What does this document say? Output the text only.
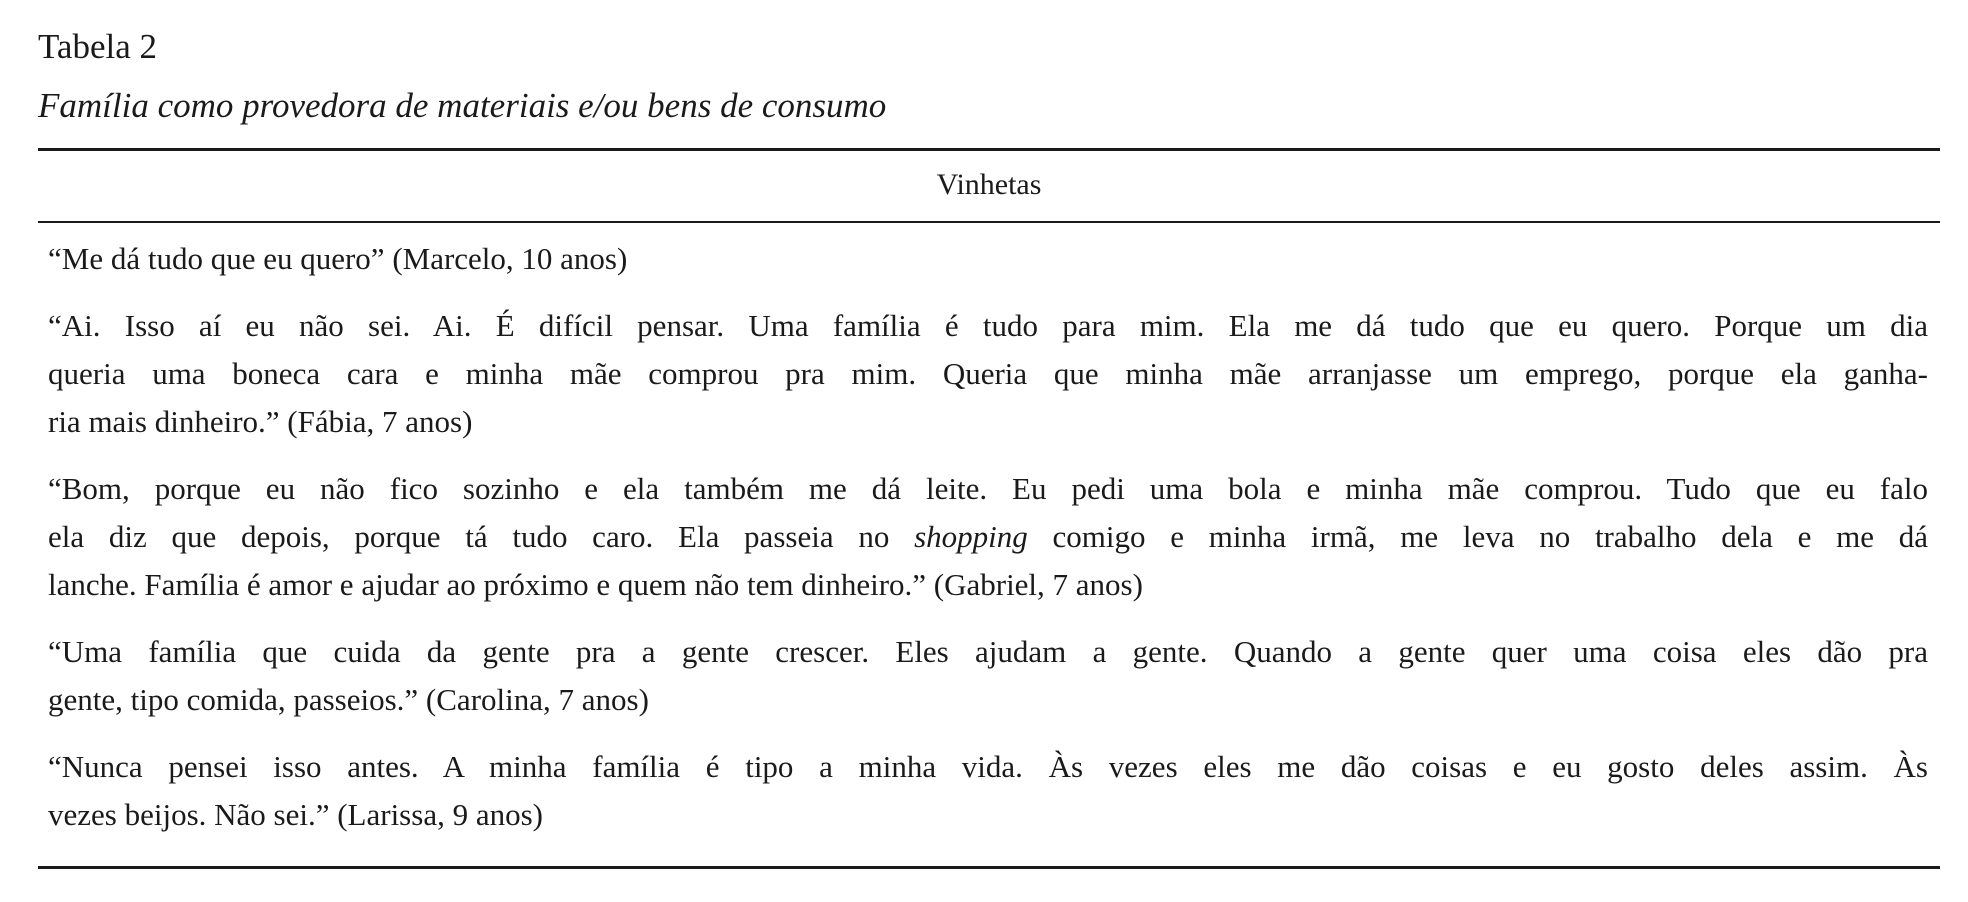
Tabela 2
Família como provedora de materiais e/ou bens de consumo
Vinhetas
“Me dá tudo que eu quero” (Marcelo, 10 anos)
“Ai. Isso aí eu não sei. Ai. É difícil pensar. Uma família é tudo para mim. Ela me dá tudo que eu quero. Porque um dia
queria uma boneca cara e minha mãe comprou pra mim. Queria que minha mãe arranjasse um emprego, porque ela ganha-
ria mais dinheiro.” (Fábia, 7 anos)
“Bom, porque eu não fico sozinho e ela também me dá leite. Eu pedi uma bola e minha mãe comprou. Tudo que eu falo
ela diz que depois, porque tá tudo caro. Ela passeia no shopping comigo e minha irmã, me leva no trabalho dela e me dá
lanche. Família é amor e ajudar ao próximo e quem não tem dinheiro.” (Gabriel, 7 anos)
“Uma família que cuida da gente pra a gente crescer. Eles ajudam a gente. Quando a gente quer uma coisa eles dão pra
gente, tipo comida, passeios.” (Carolina, 7 anos)
“Nunca pensei isso antes. A minha família é tipo a minha vida. Às vezes eles me dão coisas e eu gosto deles assim. Às
vezes beijos. Não sei.” (Larissa, 9 anos)
